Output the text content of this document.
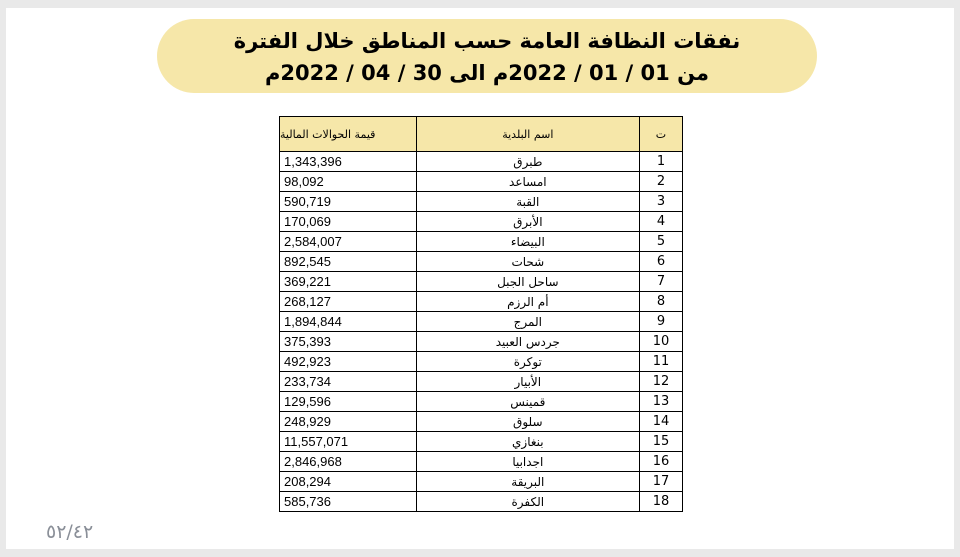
نفقات النظافة العامة حسب المناطق خلال الفترة
من 01 / 01 / 2022م الى 30 / 04 / 2022م
٥٢/٤٢
ت	اسم البلدية	قيمة الحوالات المالية
1	طبرق	1,343,396
2	امساعد	98,092
3	القبة	590,719
4	الأبرق	170,069
5	البيضاء	2,584,007
6	شحات	892,545
7	ساحل الجبل	369,221
8	أم الرزم	268,127
9	المرج	1,894,844
10	جردس العبيد	375,393
11	توكرة	492,923
12	الأبيار	233,734
13	قمينس	129,596
14	سلوق	248,929
15	بنغازي	11,557,071
16	اجدابيا	2,846,968
17	البريقة	208,294
18	الكفرة	585,736
